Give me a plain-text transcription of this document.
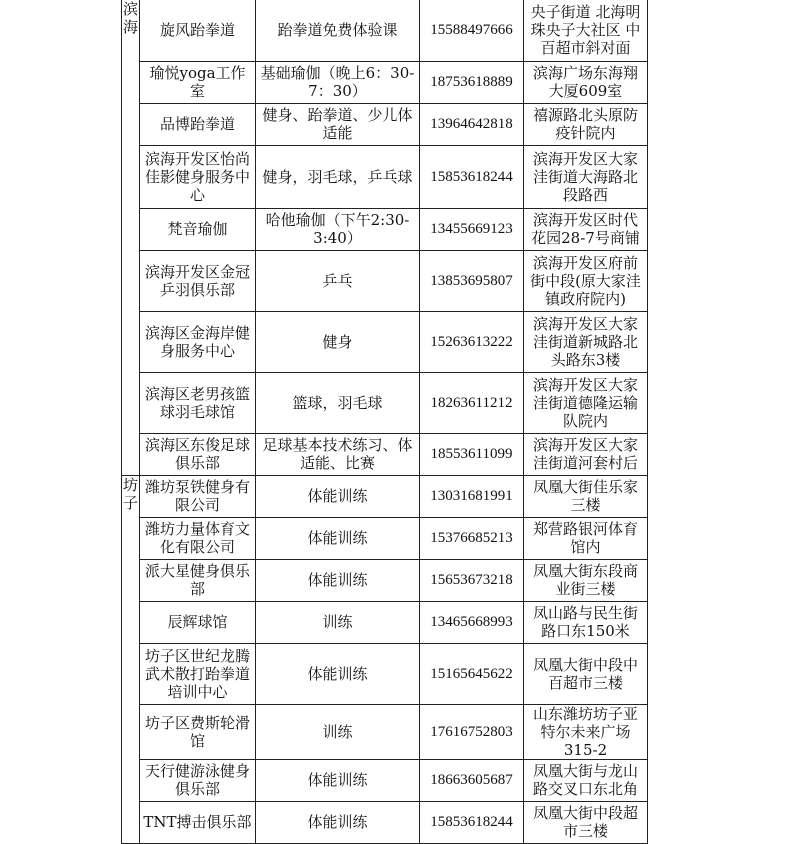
滨海	旋风跆拳道	跆拳道免费体验课	15588497666	央子街道 北海明珠央子大社区 中百超市斜对面
	瑜悦yoga工作室	基础瑜伽（晚上6：30-7：30）	18753618889	滨海广场东海翔大厦609室
	品博跆拳道	健身、跆拳道、少儿体适能	13964642818	禧源路北头原防疫针院内
	滨海开发区怡尚佳影健身服务中心	健身，羽毛球，乒乓球	15853618244	滨海开发区大家洼街道大海路北段路西
	梵音瑜伽	哈他瑜伽（下午2:30-3:40）	13455669123	滨海开发区时代花园28-7号商铺
	滨海开发区金冠乒羽俱乐部	乒乓	13853695807	滨海开发区府前街中段(原大家洼镇政府院内)
	滨海区金海岸健身服务中心	健身	15263613222	滨海开发区大家洼街道新城路北头路东3楼
	滨海区老男孩篮球羽毛球馆	篮球，羽毛球	18263611212	滨海开发区大家洼街道德隆运输队院内
	滨海区东俊足球俱乐部	足球基本技术练习、体适能、比赛	18553611099	滨海开发区大家洼街道河套村后
坊子	潍坊泵铁健身有限公司	体能训练	13031681991	凤凰大街佳乐家三楼
	潍坊力量体育文化有限公司	体能训练	15376685213	郑营路银河体育馆内
	派大星健身俱乐部	体能训练	15653673218	凤凰大街东段商业街三楼
	辰辉球馆	训练	13465668993	凤山路与民生街路口东150米
	坊子区世纪龙腾武术散打跆拳道培训中心	体能训练	15165645622	凤凰大街中段中百超市三楼
	坊子区费斯轮滑馆	训练	17616752803	山东潍坊坊子亚特尔未来广场315-2
	天行健游泳健身俱乐部	体能训练	18663605687	凤凰大街与龙山路交叉口东北角
	TNT搏击俱乐部	体能训练	15853618244	凤凰大街中段超市三楼
